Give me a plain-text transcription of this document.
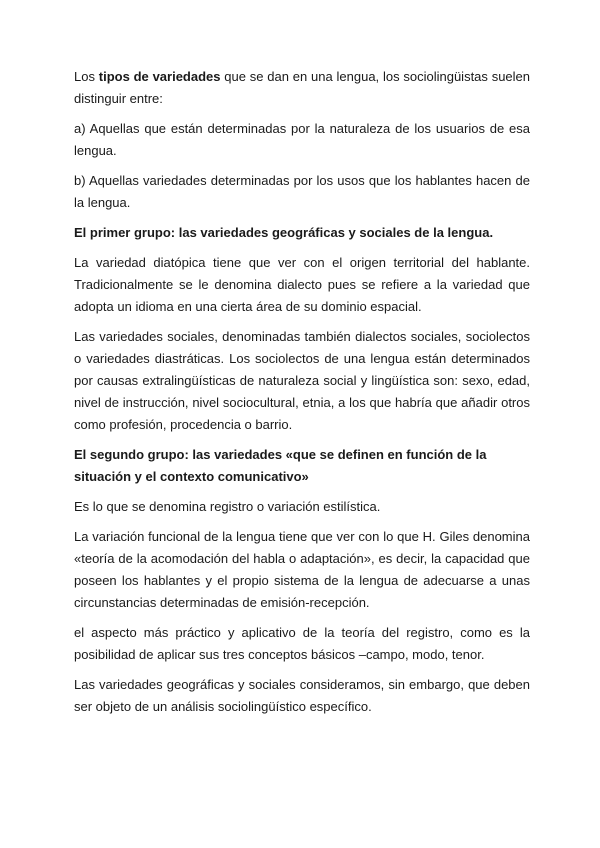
Los tipos de variedades que se dan en una lengua, los sociolingüistas suelen distinguir entre:

a) Aquellas que están determinadas por la naturaleza de los usuarios de esa lengua.

b) Aquellas variedades determinadas por los usos que los hablantes hacen de la lengua.

El primer grupo: las variedades geográficas y sociales de la lengua.

La variedad diatópica tiene que ver con el origen territorial del hablante. Tradicionalmente se le denomina dialecto pues se refiere a la variedad que adopta un idioma en una cierta área de su dominio espacial.

Las variedades sociales, denominadas también dialectos sociales, sociolectos o variedades diastráticas. Los sociolectos de una lengua están determinados por causas extralingüísticas de naturaleza social y lingüística son: sexo, edad, nivel de instrucción, nivel sociocultural, etnia, a los que habría que añadir otros como profesión, procedencia o barrio.

El segundo grupo: las variedades «que se definen en función de la situación y el contexto comunicativo»

Es lo que se denomina registro o variación estilística.

La variación funcional de la lengua tiene que ver con lo que H. Giles denomina «teoría de la acomodación del habla o adaptación», es decir, la capacidad que poseen los hablantes y el propio sistema de la lengua de adecuarse a unas circunstancias determinadas de emisión-recepción.

el aspecto más práctico y aplicativo de la teoría del registro, como es la posibilidad de aplicar sus tres conceptos básicos –campo, modo, tenor.

Las variedades geográficas y sociales consideramos, sin embargo, que deben ser objeto de un análisis sociolingüístico específico.
